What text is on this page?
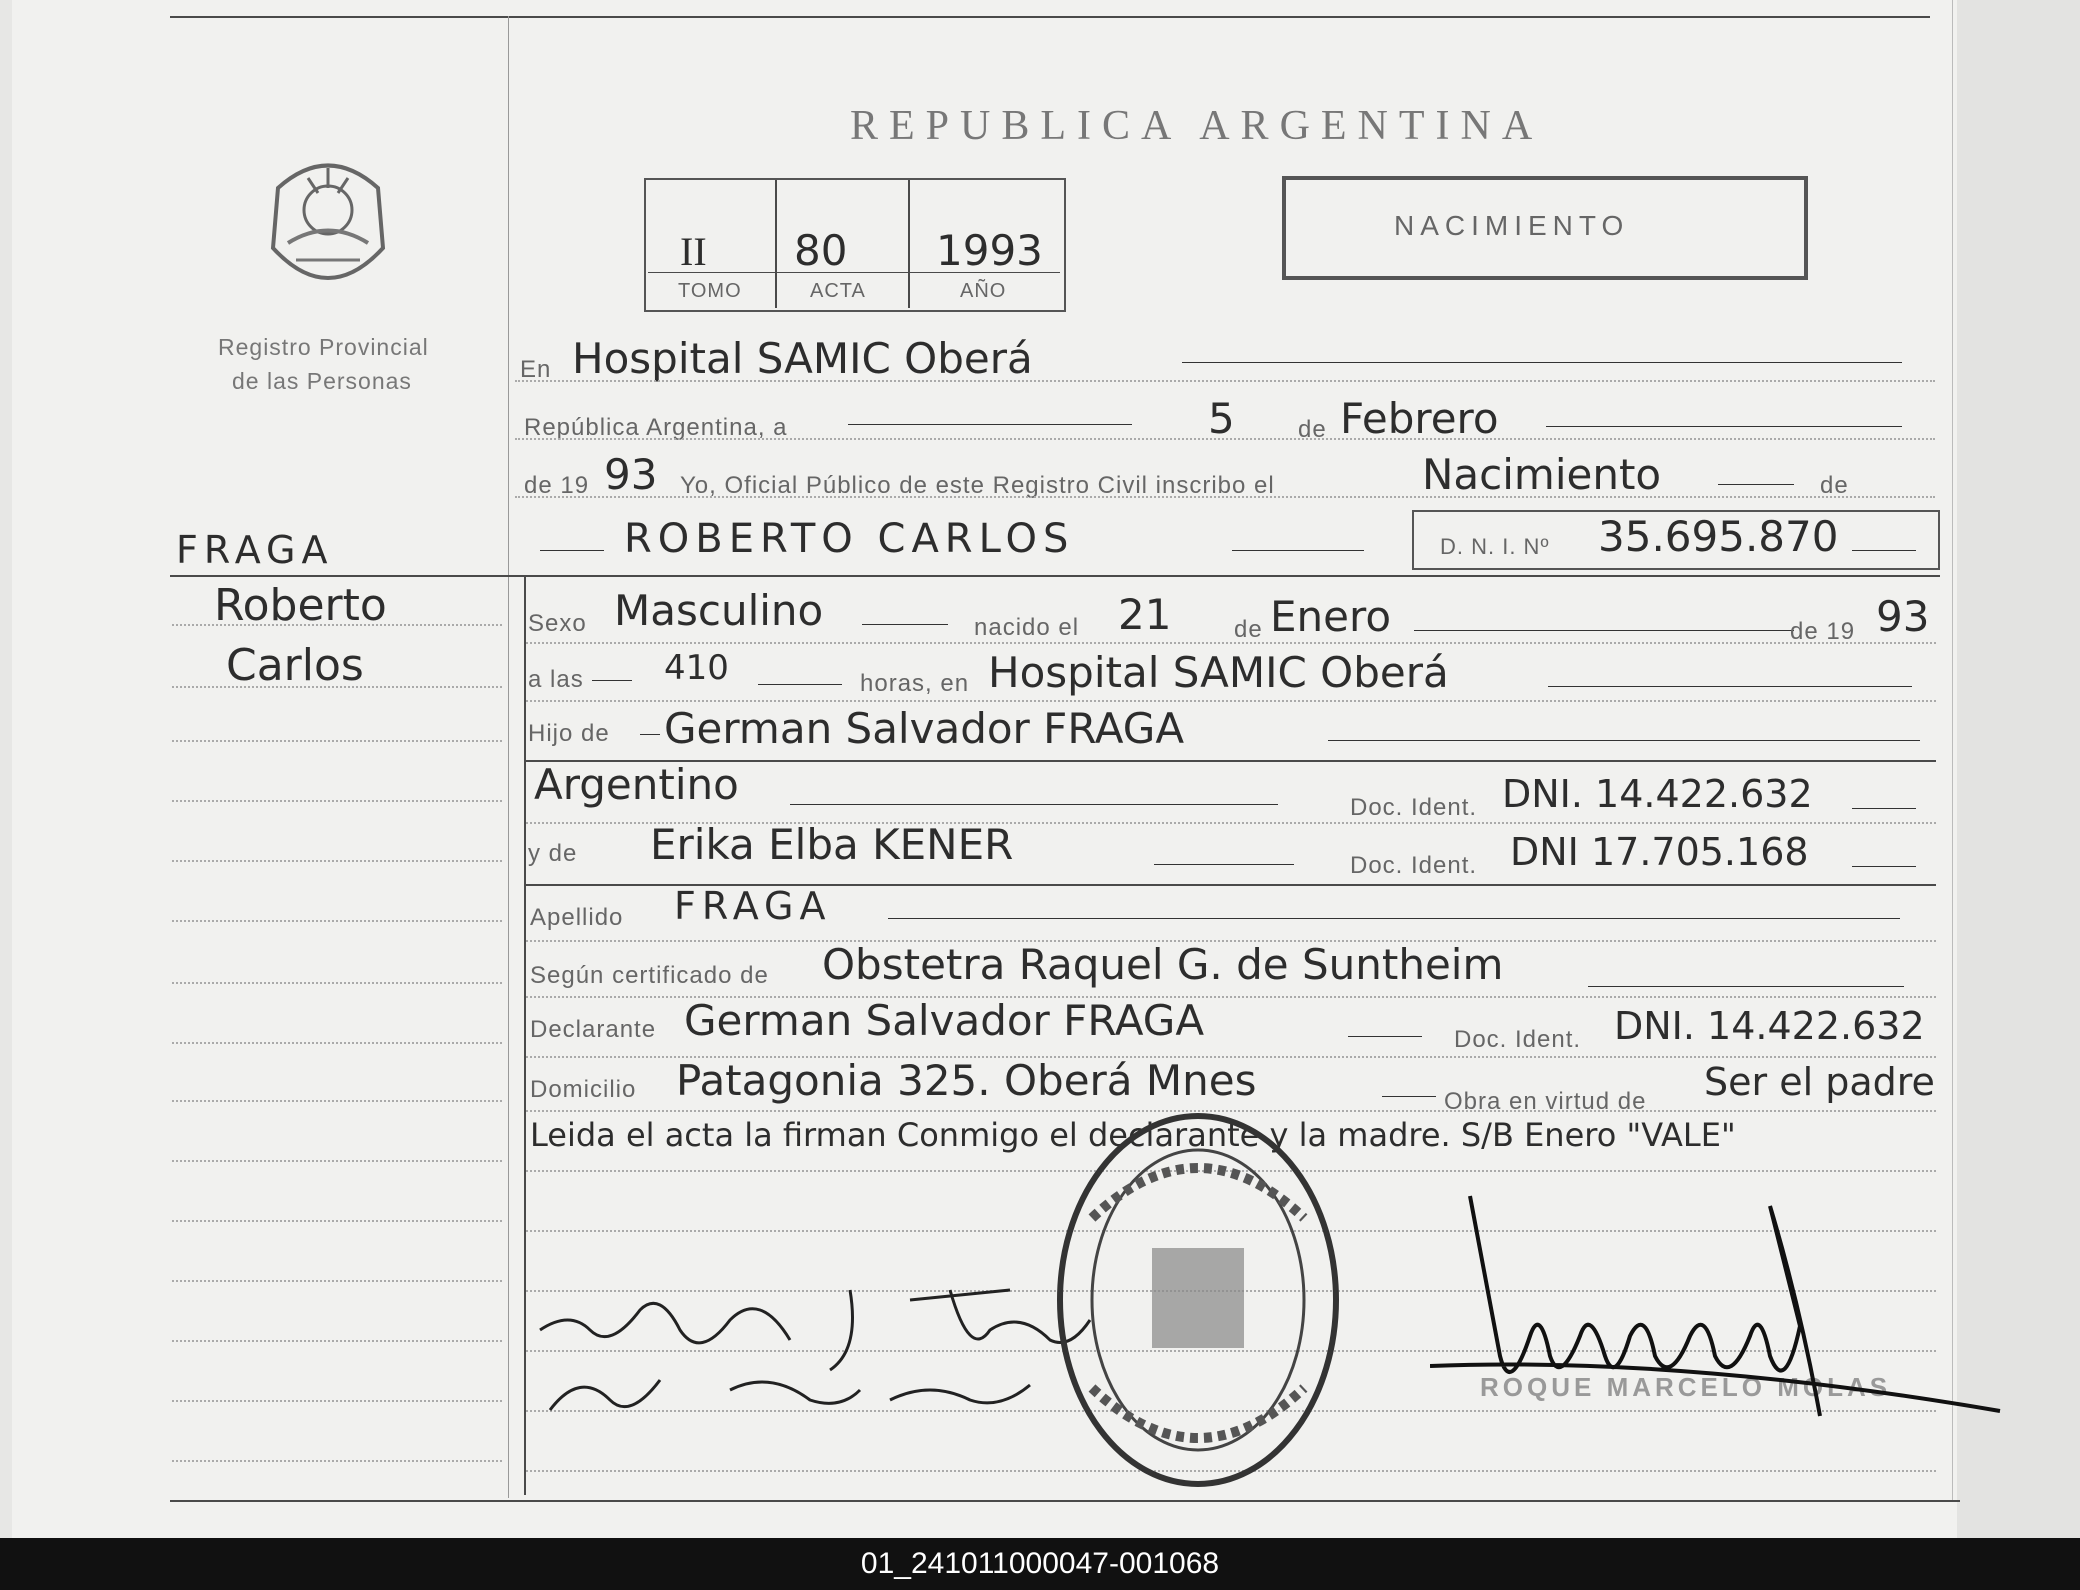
Registro Provincial
de las Personas
REPUBLICA ARGENTINA
II 80 1993
TOMO	ACTA	AÑO
NACIMIENTO
FRAGA
Roberto
Carlos
En Hospital SAMIC Oberá
República Argentina, a	5	de Febrero
de 19 93 Yo, Oficial Público de este Registro Civil inscribo el	Nacimiento	de
ROBERTO CARLOS	D. N. I. Nº 35.695.870
Sexo Masculino	nacido el 21	de Enero	de 19 93
a las 410	horas, en Hospital SAMIC Oberá
Hijo de German Salvador FRAGA
Argentino	Doc. Ident. DNI. 14.422.632
y de Erika Elba KENER	Doc. Ident. DNI 17.705.168
Apellido FRAGA
Según certificado de Obstetra Raquel G. de Suntheim
Declarante German Salvador FRAGA	Doc. Ident. DNI. 14.422.632
Domicilio Patagonia 325. Oberá Mnes	Obra en virtud de Ser el padre
Leida el acta la firman Conmigo el declarante y la madre. S/B Enero "VALE"
ROQUE MARCELO MOLAS
01_241011000047-001068
